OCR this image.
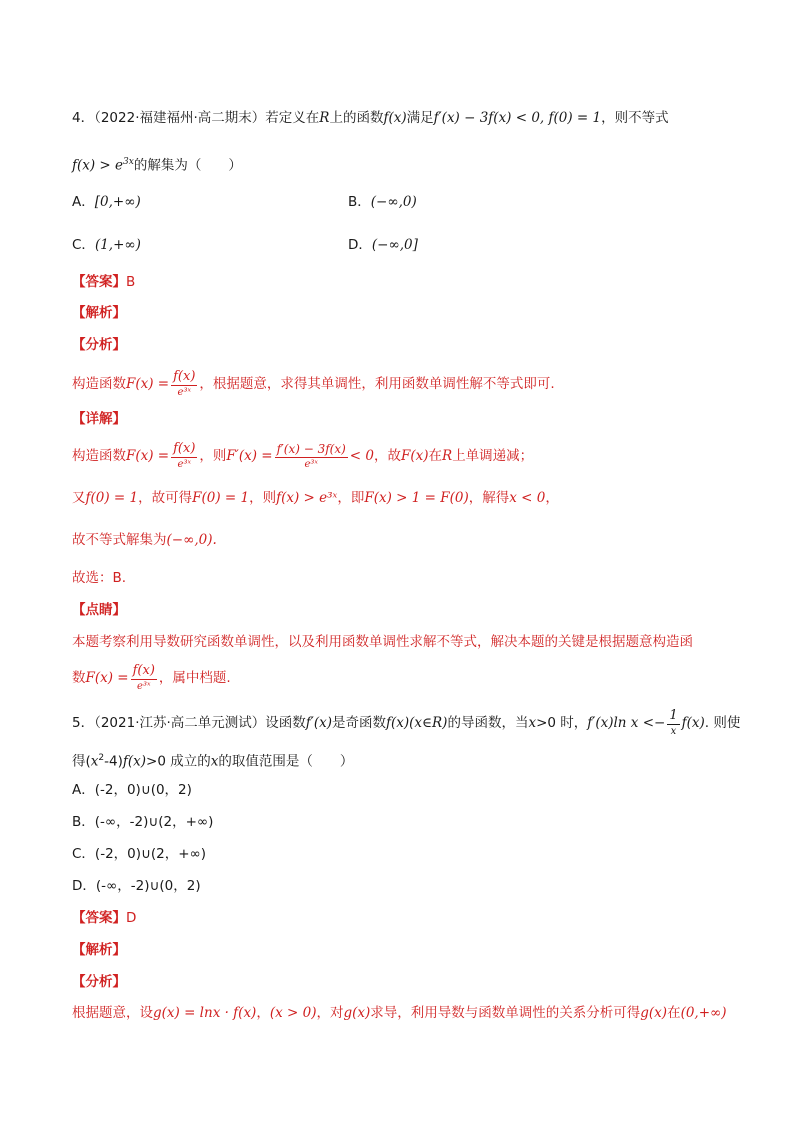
4．（2022·福建福州·高二期末）若定义在R上的函数f(x)满足f′(x) − 3f(x) < 0, f(0) = 1，则不等式
$f(x) > e^{3x}$的解集为（　　）
A．[0,+∞)	B．(−∞,0)
C．(1,+∞)	D．(−∞,0]
【答案】B
【解析】
【分析】
构造函数$F(x) = \frac{f(x)}{\text{e³ˣ}}$ ，根据题意，求得其单调性，利用函数单调性解不等式即可.
【详解】
构造函数$F(x) = \frac{f(x)}{\text{e³ˣ}}$ ，则$F'(x) = \frac{f'(x) - 3f(x)}{\text{e³ˣ}} < 0$，故F(x)在R上单调递减；
又f(0) = 1，故可得F(0) = 1，则f(x) > e³ˣ，即F(x) > 1 = F(0)，解得x < 0，
故不等式解集为(−∞,0).
故选：B.
【点睛】
本题考察利用导数研究函数单调性，以及利用函数单调性求解不等式，解决本题的关键是根据题意构造函
数$F(x) = \frac{f(x)}{\text{e³ˣ}}$ ，属中档题.
5．（2021·江苏·高二单元测试）设函数f′(x)是奇函数f(x)(x∈R)的导函数，当x>0 时，f′(x)ln $x <- \frac{1}{x} f(x)$. 则使
得$(x^2-4)f(x)>0$ 成立的x的取值范围是（　　）
A．(-2，0)∪(0，2)
B．(-∞，-2)∪(2，+∞)
C．(-2，0)∪(2，+∞)
D．(-∞，-2)∪(0，2)
【答案】D
【解析】
【分析】
根据题意，设g(x) = lnx · f(x)，(x > 0)，对g(x)求导，利用导数与函数单调性的关系分析可得g(x)在(0,+∞)
